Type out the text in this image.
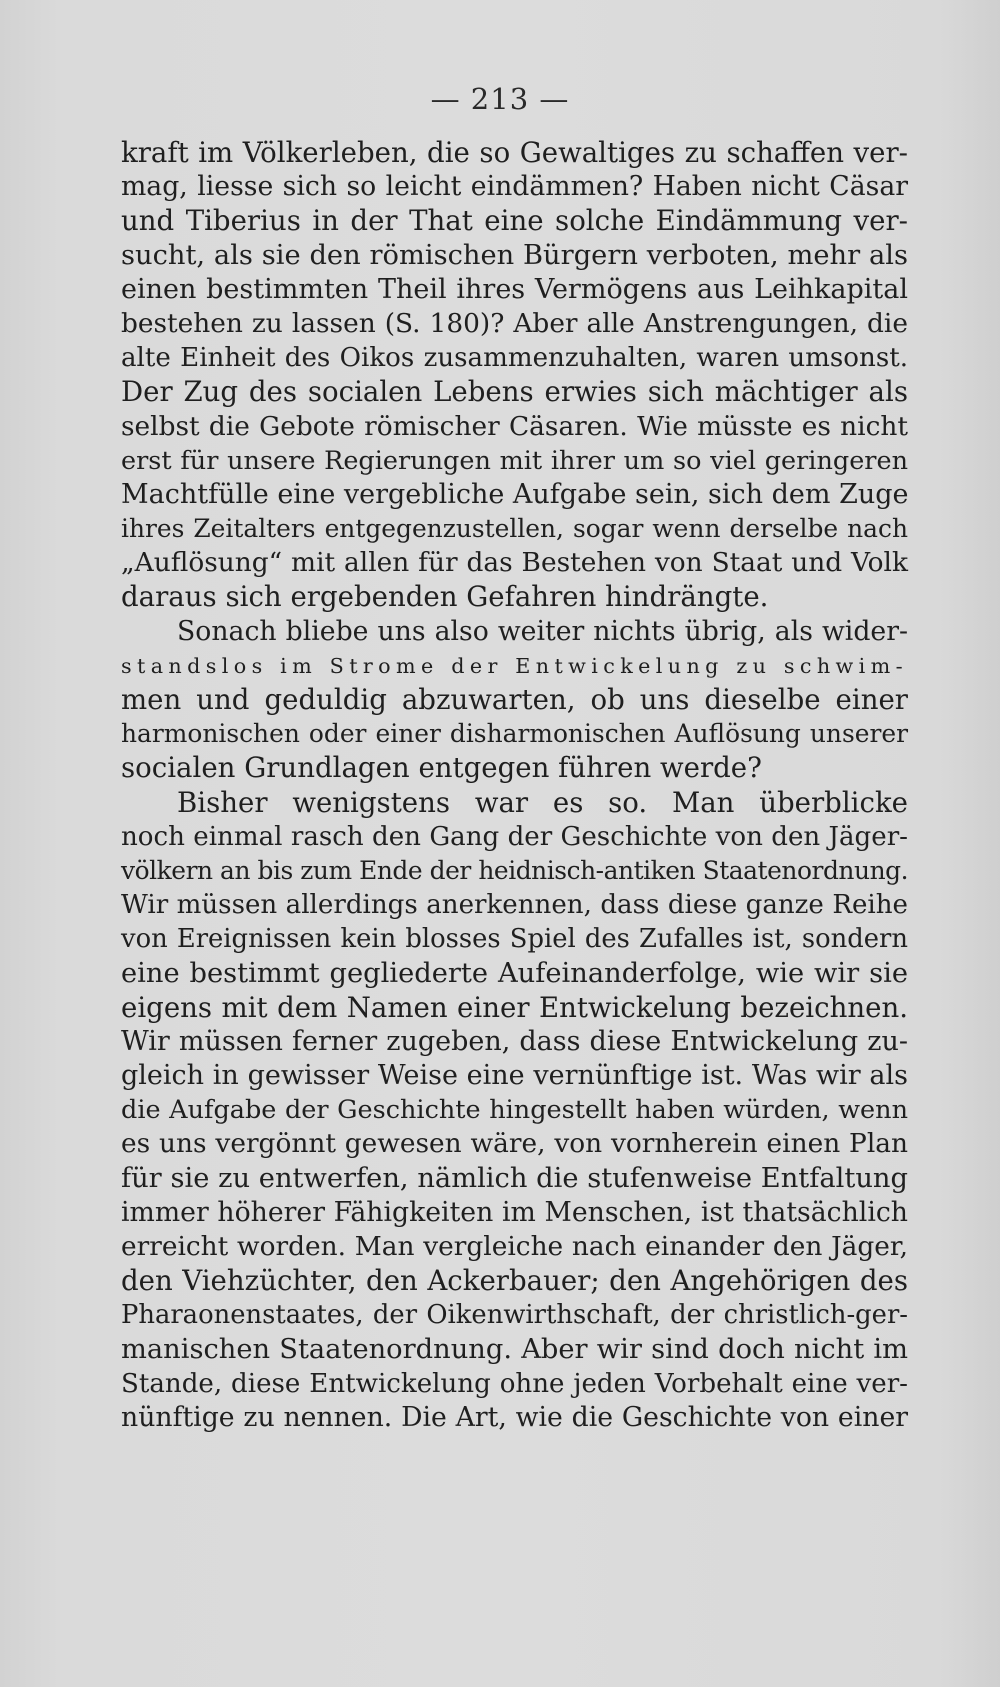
— 213 —
kraft im Völkerleben, die so Gewaltiges zu schaffen ver-
mag, liesse sich so leicht eindämmen? Haben nicht Cäsar
und Tiberius in der That eine solche Eindämmung ver-
sucht, als sie den römischen Bürgern verboten, mehr als
einen bestimmten Theil ihres Vermögens aus Leihkapital
bestehen zu lassen (S. 180)? Aber alle Anstrengungen, die
alte Einheit des Oikos zusammenzuhalten, waren umsonst.
Der Zug des socialen Lebens erwies sich mächtiger als
selbst die Gebote römischer Cäsaren. Wie müsste es nicht
erst für unsere Regierungen mit ihrer um so viel geringeren
Machtfülle eine vergebliche Aufgabe sein, sich dem Zuge
ihres Zeitalters entgegenzustellen, sogar wenn derselbe nach
„Auflösung“ mit allen für das Bestehen von Staat und Volk
daraus sich ergebenden Gefahren hindrängte.
Sonach bliebe uns also weiter nichts übrig, als wider-
standslos im Strome der Entwickelung zu schwim-
men und geduldig abzuwarten, ob uns dieselbe einer
harmonischen oder einer disharmonischen Auflösung unserer
socialen Grundlagen entgegen führen werde?
Bisher wenigstens war es so. Man überblicke
noch einmal rasch den Gang der Geschichte von den Jäger-
völkern an bis zum Ende der heidnisch-antiken Staatenordnung.
Wir müssen allerdings anerkennen, dass diese ganze Reihe
von Ereignissen kein blosses Spiel des Zufalles ist, sondern
eine bestimmt gegliederte Aufeinanderfolge, wie wir sie
eigens mit dem Namen einer Entwickelung bezeichnen.
Wir müssen ferner zugeben, dass diese Entwickelung zu-
gleich in gewisser Weise eine vernünftige ist. Was wir als
die Aufgabe der Geschichte hingestellt haben würden, wenn
es uns vergönnt gewesen wäre, von vornherein einen Plan
für sie zu entwerfen, nämlich die stufenweise Entfaltung
immer höherer Fähigkeiten im Menschen, ist thatsächlich
erreicht worden. Man vergleiche nach einander den Jäger,
den Viehzüchter, den Ackerbauer; den Angehörigen des
Pharaonenstaates, der Oikenwirthschaft, der christlich-ger-
manischen Staatenordnung. Aber wir sind doch nicht im
Stande, diese Entwickelung ohne jeden Vorbehalt eine ver-
nünftige zu nennen. Die Art, wie die Geschichte von einer
